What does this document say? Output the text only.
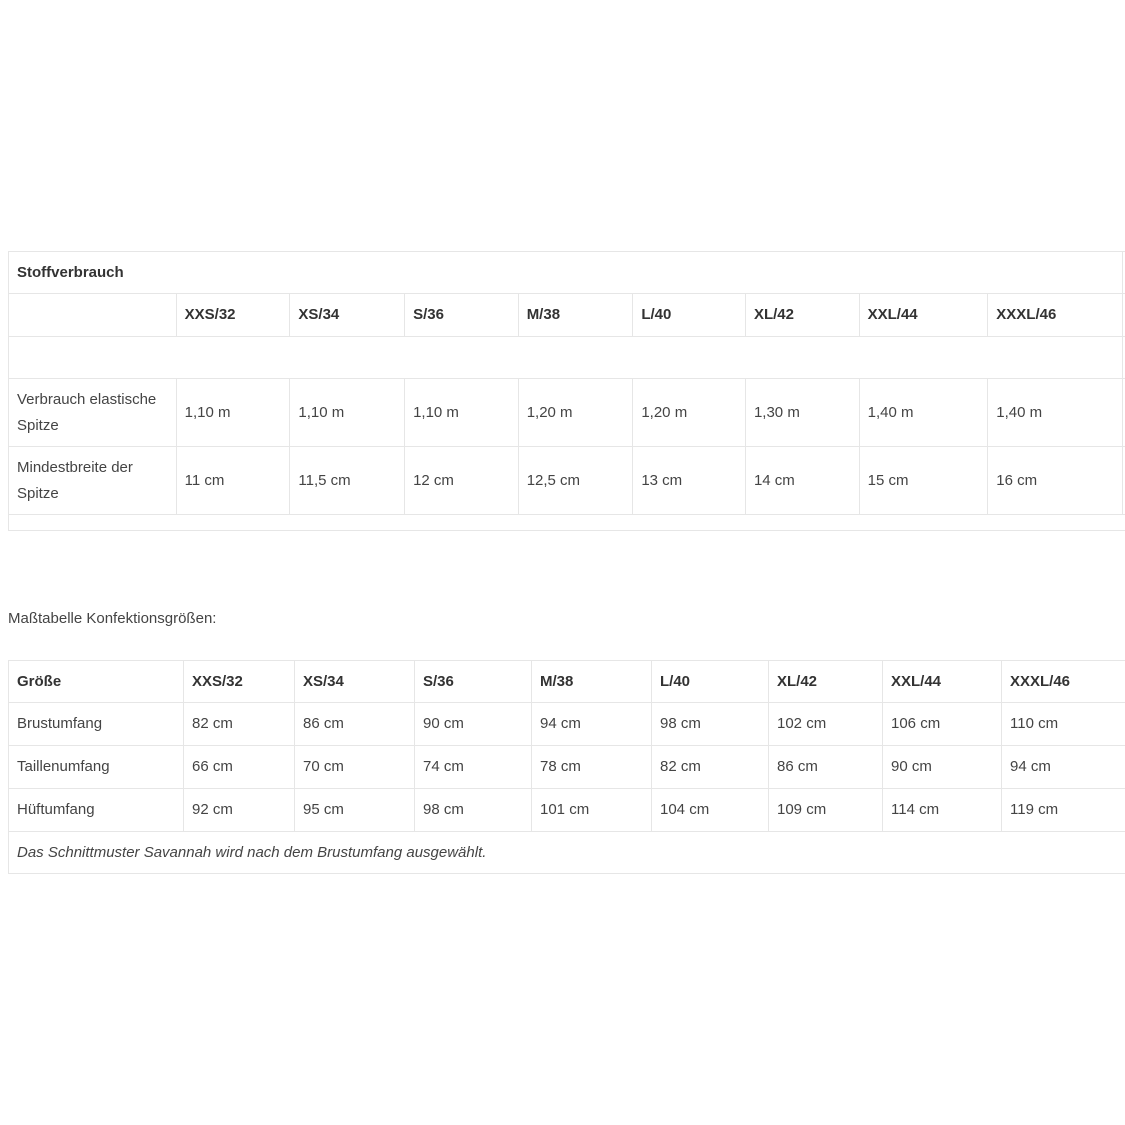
Stoffverbrauch									
	XXS/32	XS/34	S/36	M/38	L/40	XL/42	XXL/44	XXXL/46	

Verbrauch elastische Spitze	1,10 m	1,10 m	1,10 m	1,20 m	1,20 m	1,30 m	1,40 m	1,40 m	
Mindestbreite der Spitze	11 cm	11,5 cm	12 cm	12,5 cm	13 cm	14 cm	15 cm	16 cm	

Maßtabelle Konfektionsgrößen:
Größe	XXS/32	XS/34	S/36	M/38	L/40	XL/42	XXL/44	XXXL/46
Brustumfang	82 cm	86 cm	90 cm	94 cm	98 cm	102 cm	106 cm	110 cm
Taillenumfang	66 cm	70 cm	74 cm	78 cm	82 cm	86 cm	90 cm	94 cm
Hüftumfang	92 cm	95 cm	98 cm	101 cm	104 cm	109 cm	114 cm	119 cm
Das Schnittmuster Savannah wird nach dem Brustumfang ausgewählt.								
